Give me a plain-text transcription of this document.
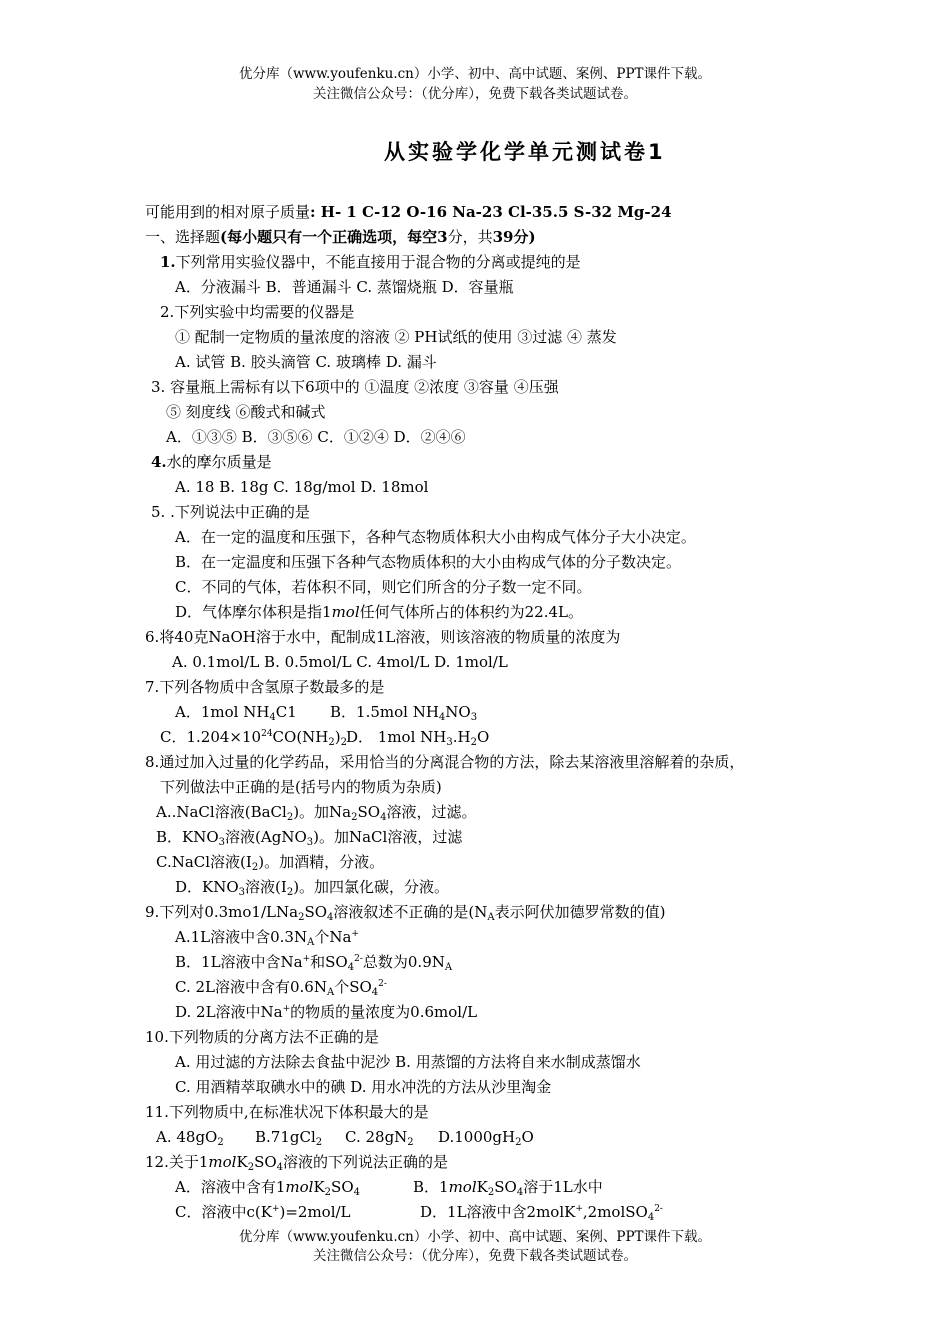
优分库（www.youfenku.cn）小学、初中、高中试题、案例、PPT课件下载。
关注微信公众号：（优分库），免费下载各类试题试卷。
从实验学化学单元测试卷1
可能用到的相对原子质量: H- 1 C-12 O-16 Na-23 Cl-35.5 S-32 Mg-24
一、选择题(每小题只有一个正确选项，每空3分，共39分)
1.下列常用实验仪器中，不能直接用于混合物的分离或提纯的是
A．分液漏斗 B．普通漏斗 C. 蒸馏烧瓶 D．容量瓶
2.下列实验中均需要的仪器是
① 配制一定物质的量浓度的溶液 ② PH试纸的使用 ③过滤 ④ 蒸发
A. 试管 B. 胶头滴管 C. 玻璃棒 D. 漏斗
3. 容量瓶上需标有以下6项中的 ①温度 ②浓度 ③容量 ④压强
⑤ 刻度线 ⑥酸式和碱式
A．①③⑤ B．③⑤⑥ C．①②④ D．②④⑥
4.水的摩尔质量是
A. 18 B. 18g C. 18g/mol D. 18mol
5. .下列说法中正确的是
A．在一定的温度和压强下，各种气态物质体积大小由构成气体分子大小决定。
B．在一定温度和压强下各种气态物质体积的大小由构成气体的分子数决定。
C．不同的气体，若体积不同，则它们所含的分子数一定不同。
D．气体摩尔体积是指1mol任何气体所占的体积约为22.4L。
6.将40克NaOH溶于水中，配制成1L溶液，则该溶液的物质量的浓度为
A. 0.1mol/L B. 0.5mol/L C. 4mol/L D. 1mol/L
7.下列各物质中含氢原子数最多的是
A．1mol $NH_4C1$ B．1.5mol $NH_4NO_3$
C．$1.204\times 10^{24}CO(NH_2)_2$ D． 1mol $NH_3.H_2O$
8.通过加入过量的化学药品，采用恰当的分离混合物的方法，除去某溶液里溶解着的杂质，
下列做法中正确的是(括号内的物质为杂质)
A..NaCl溶液(BaCl$_2$)。加$Na_2SO_4$溶液，过滤。
B．$KNO_3$溶液(AgNO$_3$)。加NaCl溶液，过滤
C.NaCl溶液$(I_2)$。加酒精，分液。
D．$KNO_3$溶液$(I_2)$。加四氯化碳，分液。
9.下列对$0.3mo1/LNa_2SO_4$溶液叙述不正确的是($N_A$表示阿伏加德罗常数的值)
A.1L溶液中含$0.3N_A$个Na+
B．1L溶液中含Na+和$SO_4^{2-}$总数为$0.9N_A$
C. 2L溶液中含有$0.6N_A$个$SO_4^{2-}$
D. 2L溶液中Na+的物质的量浓度为0.6mol/L
10.下列物质的分离方法不正确的是
A. 用过滤的方法除去食盐中泥沙 B. 用蒸馏的方法将自来水制成蒸馏水
C. 用酒精萃取碘水中的碘 D. 用水冲洗的方法从沙里淘金
11.下列物质中,在标准状况下体积最大的是
A. $48gO_2$ B.71gCl$_2$ C. $28gN_2$ $D.1000gH_2O$
12.关于$1molK_2SO_4$溶液的下列说法正确的是
A．溶液中含有$1molK_2SO_4$	B．$1molK_2SO_4$溶于1L水中
C．溶液中c(K+)=2mol/L	D．1L溶液中含2molK+,2molSO$_4^{2-}$
优分库（www.youfenku.cn）小学、初中、高中试题、案例、PPT课件下载。
关注微信公众号：（优分库），免费下载各类试题试卷。
